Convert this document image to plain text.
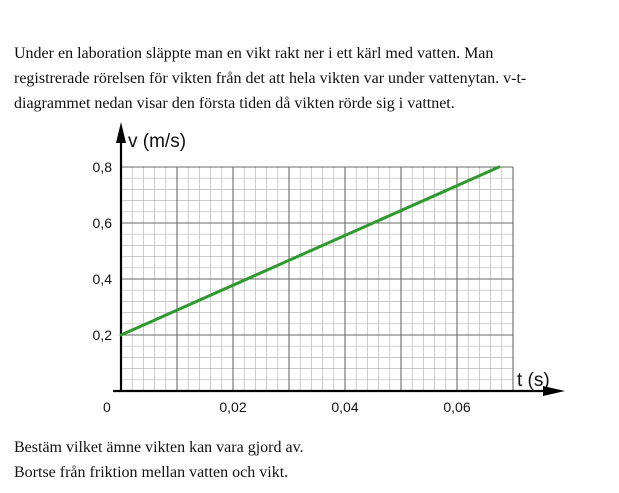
Under en laboration släppte man en vikt rakt ner i ett kärl med vatten. Man
registrerade rörelsen för vikten från det att hela vikten var under vattenytan. v-t-
diagrammet nedan visar den första tiden då vikten rörde sig i vattnet.

0,2
0,4
0,6
0,8
0,02	0,04	0,06
v (m/s)
t (s)
0

Bestäm vilket ämne vikten kan vara gjord av.
Bortse från friktion mellan vatten och vikt.
